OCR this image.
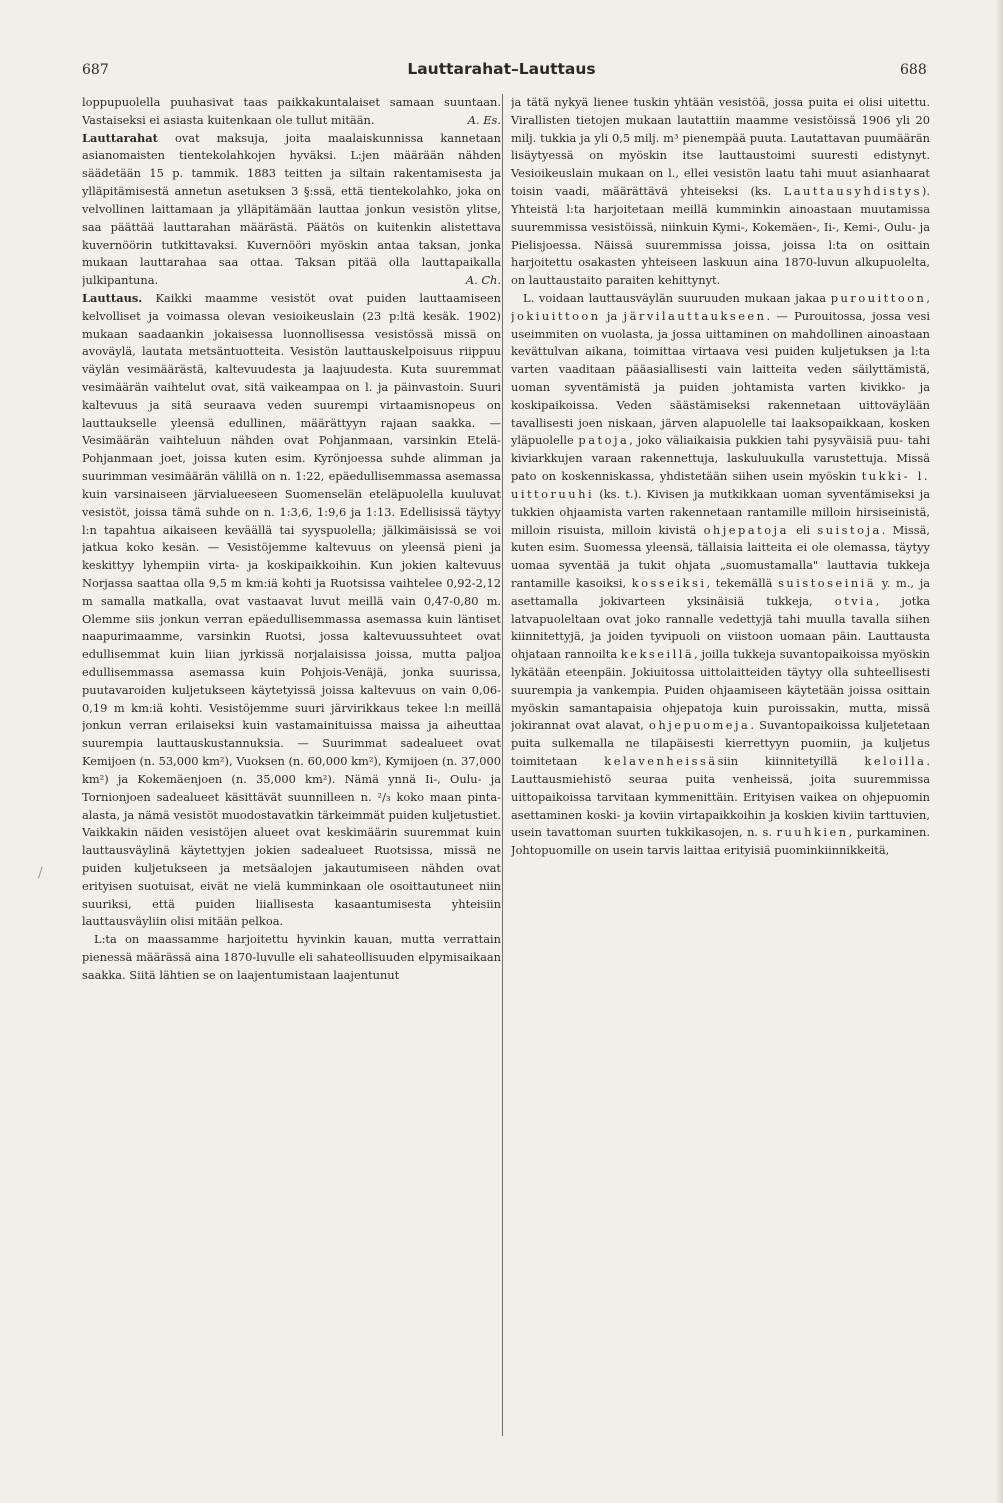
687	Lauttarahat–Lauttaus	688

loppupuolella puuhasivat taas paikkakuntalaiset samaan suuntaan. Vastaiseksi ei asiasta kuitenkaan ole tullut mitään.	A. Es.

Lauttarahat ovat maksuja, joita maalaiskunnissa kannetaan asianomaisten tientekolahkojen hyväksi. L:jen määrään nähden säädetään 15 p. tammik. 1883 teitten ja siltain rakentamisesta ja ylläpitämisestä annetun asetuksen 3 §:ssä, että tientekolahko, joka on velvollinen laittamaan ja ylläpitämään lauttaa jonkun vesistön ylitse, saa päättää lauttarahan määrästä. Päätös on kuitenkin alistettava kuvernöörin tutkittavaksi. Kuvernööri myöskin antaa taksan, jonka mukaan lauttarahaa saa ottaa. Taksan pitää olla lauttapaikalla julkipantuna.	A. Ch.

Lauttaus. Kaikki maamme vesistöt ovat puiden lauttaamiseen kelvolliset ja voimassa olevan vesioikeuslain (23 p:ltä kesäk. 1902) mukaan saadaankin jokaisessa luonnollisessa vesistössä missä on avoväylä, lautata metsäntuotteita. Vesistön lauttauskelpoisuus riippuu väylän vesimäärästä, kaltevuudesta ja laajuudesta. Kuta suuremmat vesimäärän vaihtelut ovat, sitä vaikeampaa on l. ja päinvastoin. Suuri kaltevuus ja sitä seuraava veden suurempi virtaamisnopeus on lauttaukselle yleensä edullinen, määrättyyn rajaan saakka. — Vesimäärän vaihteluun nähden ovat Pohjanmaan, varsinkin Etelä-Pohjanmaan joet, joissa kuten esim. Kyrönjoessa suhde alimman ja suurimman vesimäärän välillä on n. 1:22, epäedullisemmassa asemassa kuin varsinaiseen järvialueeseen Suomenselän eteläpuolella kuuluvat vesistöt, joissa tämä suhde on n. 1:3,6, 1:9,6 ja 1:13. Edellisissä täytyy l:n tapahtua aikaiseen keväällä tai syyspuolella; jälkimäisissä se voi jatkua koko kesän. — Vesistöjemme kaltevuus on yleensä pieni ja keskittyy lyhempiin virta- ja koskipaikkoihin. Kun jokien kaltevuus Norjassa saattaa olla 9,5 m km:iä kohti ja Ruotsissa vaihtelee 0,92-2,12 m samalla matkalla, ovat vastaavat luvut meillä vain 0,47-0,80 m. Olemme siis jonkun verran epäedullisemmassa asemassa kuin läntiset naapurimaamme, varsinkin Ruotsi, jossa kaltevuussuhteet ovat edullisemmat kuin liian jyrkissä norjalaisissa joissa, mutta paljoa edullisemmassa asemassa kuin Pohjois-Venäjä, jonka suurissa, puutavaroiden kuljetukseen käytetyissä joissa kaltevuus on vain 0,06-0,19 m km:iä kohti. Vesistöjemme suuri järvirikkaus tekee l:n meillä jonkun verran erilaiseksi kuin vastamainituissa maissa ja aiheuttaa suurempia lauttauskustannuksia. — Suurimmat sadealueet ovat Kemijoen (n. 53,000 km²), Vuoksen (n. 60,000 km²), Kymijoen (n. 37,000 km²) ja Kokemäenjoen (n. 35,000 km²). Nämä ynnä Ii-, Oulu- ja Tornionjoen sadealueet käsittävät suunnilleen n. ²/₃ koko maan pinta-alasta, ja nämä vesistöt muodostavatkin tärkeimmät puiden kuljetustiet. Vaikkakin näiden vesistöjen alueet ovat keskimäärin suuremmat kuin lauttausväylinä käytettyjen jokien sadealueet Ruotsissa, missä ne puiden kuljetukseen ja metsäalojen jakautumiseen nähden ovat erityisen suotuisat, eivät ne vielä kumminkaan ole osoittautuneet niin suuriksi, että puiden liiallisesta kasaantumisesta yhteisiin lauttausväyliin olisi mitään pelkoa.

L:ta on maassamme harjoitettu hyvinkin kauan, mutta verrattain pienessä määrässä aina 1870-luvulle eli sahateollisuuden elpymisaikaan saakka. Siitä lähtien se on laajentumistaan laajentunut

ja tätä nykyä lienee tuskin yhtään vesistöä, jossa puita ei olisi uitettu. Virallisten tietojen mukaan lautattiin maamme vesistöissä 1906 yli 20 milj. tukkia ja yli 0,5 milj. m³ pienempää puuta. Lautattavan puumäärän lisäytyessä on myöskin itse lauttaustoimi suuresti edistynyt. Vesioikeuslain mukaan on l., ellei vesistön laatu tahi muut asianhaarat toisin vaadi, määrättävä yhteiseksi (ks. Lauttausyhdistys). Yhteistä l:ta harjoitetaan meillä kumminkin ainoastaan muutamissa suuremmissa vesistöissä, niinkuin Kymi-, Kokemäen-, Ii-, Kemi-, Oulu- ja Pielisjoessa. Näissä suuremmissa joissa, joissa l:ta on osittain harjoitettu osakasten yhteiseen laskuun aina 1870-luvun alkupuolelta, on lauttaustaito paraiten kehittynyt.

L. voidaan lauttausväylän suuruuden mukaan jakaa purouittoon, jokiuittoon ja järvilauttaukseen. — Purouitossa, jossa vesi useimmiten on vuolasta, ja jossa uittaminen on mahdollinen ainoastaan kevättulvan aikana, toimittaa virtaava vesi puiden kuljetuksen ja l:ta varten vaaditaan pääasiallisesti vain laitteita veden säilyttämistä, uoman syventämistä ja puiden johtamista varten kivikko- ja koskipaikoissa. Veden säästämiseksi rakennetaan uittoväylään tavallisesti joen niskaan, järven alapuolelle tai laaksopaikkaan, kosken yläpuolelle patoja, joko väliaikaisia pukkien tahi pysyväisiä puu- tahi kiviarkkujen varaan rakennettuja, laskuluukulla varustettuja. Missä pato on koskenniskassa, yhdistetään siihen usein myöskin tukki- l. uittoruuhi (ks. t.). Kivisen ja mutkikkaan uoman syventämiseksi ja tukkien ohjaamista varten rakennetaan rantamille milloin hirsiseinistä, milloin risuista, milloin kivistä ohjepatoja eli suistoja. Missä, kuten esim. Suomessa yleensä, tällaisia laitteita ei ole olemassa, täytyy uomaa syventää ja tukit ohjata „suomustamalla" lauttavia tukkeja rantamille kasoiksi, kosseiksi, tekemällä suistoseiniä y. m., ja asettamalla jokivarteen yksinäisiä tukkeja, otvia, jotka latvapuoleltaan ovat joko rannalle vedettyjä tahi muulla tavalla siihen kiinnitettyjä, ja joiden tyvipuoli on viistoon uomaan päin. Lauttausta ohjataan rannoilta kekseillä, joilla tukkeja suvantopaikoissa myöskin lykätään eteenpäin. Jokiuitossa uittolaitteiden täytyy olla suhteellisesti suurempia ja vankempia. Puiden ohjaamiseen käytetään joissa osittain myöskin samantapaisia ohjepatoja kuin puroissakin, mutta, missä jokirannat ovat alavat, ohjepuomeja. Suvantopaikoissa kuljetetaan puita sulkemalla ne tilapäisesti kierrettyyn puomiin, ja kuljetus toimitetaan kelavenheissäsiin kiinnitetyillä keloilla. Lauttausmiehistö seuraa puita venheissä, joita suuremmissa uittopaikoissa tarvitaan kymmenittäin. Erityisen vaikea on ohjepuomin asettaminen koski- ja koviin virtapaikkoihin ja koskien kiviin tarttuvien, usein tavattoman suurten tukkikasojen, n. s. ruuhkien, purkaminen. Johtopuomille on usein tarvis laittaa erityisiä puominkiinnikkeitä,

∕
